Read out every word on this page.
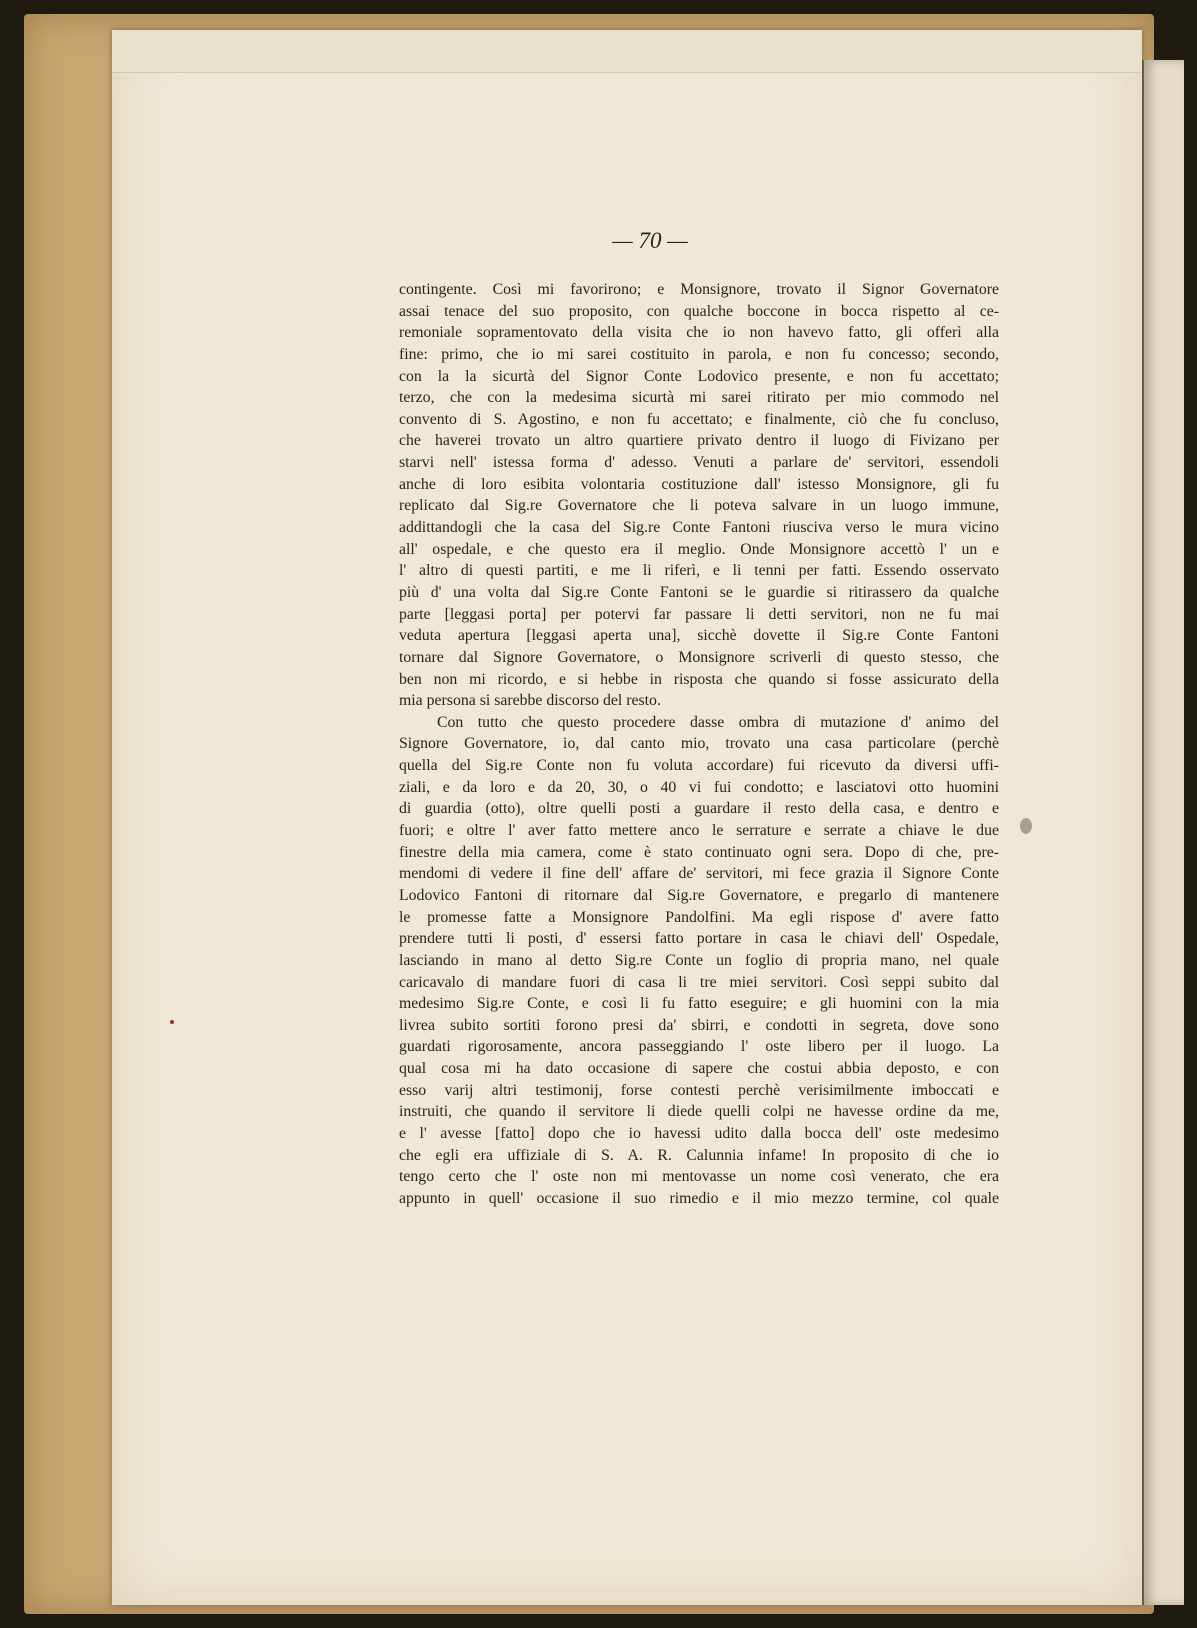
— 70 —
contingente. Così mi favorirono; e Monsignore, trovato il Signor Governatore
assai tenace del suo proposito, con qualche boccone in bocca rispetto al ce-
remoniale sopramentovato della visita che io non havevo fatto, gli offerì alla
fine: primo, che io mi sarei costituito in parola, e non fu concesso; secondo,
con la la sicurtà del Signor Conte Lodovico presente, e non fu accettato;
terzo, che con la medesima sicurtà mi sarei ritirato per mio commodo nel
convento di S. Agostino, e non fu accettato; e finalmente, ciò che fu concluso,
che haverei trovato un altro quartiere privato dentro il luogo di Fivizano per
starvi nell' istessa forma d' adesso. Venuti a parlare de' servitori, essendoli
anche di loro esibita volontaria costituzione dall' istesso Monsignore, gli fu
replicato dal Sig.re Governatore che li poteva salvare in un luogo immune,
addittandogli che la casa del Sig.re Conte Fantoni riusciva verso le mura vicino
all' ospedale, e che questo era il meglio. Onde Monsignore accettò l' un e
l' altro di questi partiti, e me li riferì, e li tenni per fatti. Essendo osservato
più d' una volta dal Sig.re Conte Fantoni se le guardie si ritirassero da qualche
parte [leggasi porta] per potervi far passare li detti servitori, non ne fu mai
veduta apertura [leggasi aperta una], sicchè dovette il Sig.re Conte Fantoni
tornare dal Signore Governatore, o Monsignore scriverli di questo stesso, che
ben non mi ricordo, e si hebbe in risposta che quando si fosse assicurato della
mia persona si sarebbe discorso del resto.
Con tutto che questo procedere dasse ombra di mutazione d' animo del
Signore Governatore, io, dal canto mio, trovato una casa particolare (perchè
quella del Sig.re Conte non fu voluta accordare) fui ricevuto da diversi uffi-
ziali, e da loro e da 20, 30, o 40 vi fui condotto; e lasciatovi otto huomini
di guardia (otto), oltre quelli posti a guardare il resto della casa, e dentro e
fuori; e oltre l' aver fatto mettere anco le serrature e serrate a chiave le due
finestre della mia camera, come è stato continuato ogni sera. Dopo di che, pre-
mendomi di vedere il fine dell' affare de' servitori, mi fece grazia il Signore Conte
Lodovico Fantoni di ritornare dal Sig.re Governatore, e pregarlo di mantenere
le promesse fatte a Monsignore Pandolfini. Ma egli rispose d' avere fatto
prendere tutti li posti, d' essersi fatto portare in casa le chiavi dell' Ospedale,
lasciando in mano al detto Sig.re Conte un foglio di propria mano, nel quale
caricavalo di mandare fuori di casa li tre miei servitori. Così seppi subito dal
medesimo Sig.re Conte, e così li fu fatto eseguire; e gli huomini con la mia
livrea subito sortiti forono presi da' sbirri, e condotti in segreta, dove sono
guardati rigorosamente, ancora passeggiando l' oste libero per il luogo. La
qual cosa mi ha dato occasione di sapere che costui abbia deposto, e con
esso varij altri testimonij, forse contesti perchè verisimilmente imboccati e
instruiti, che quando il servitore li diede quelli colpi ne havesse ordine da me,
e l' avesse [fatto] dopo che io havessi udito dalla bocca dell' oste medesimo
che egli era uffiziale di S. A. R. Calunnia infame! In proposito di che io
tengo certo che l' oste non mi mentovasse un nome così venerato, che era
appunto in quell' occasione il suo rimedio e il mio mezzo termine, col quale
